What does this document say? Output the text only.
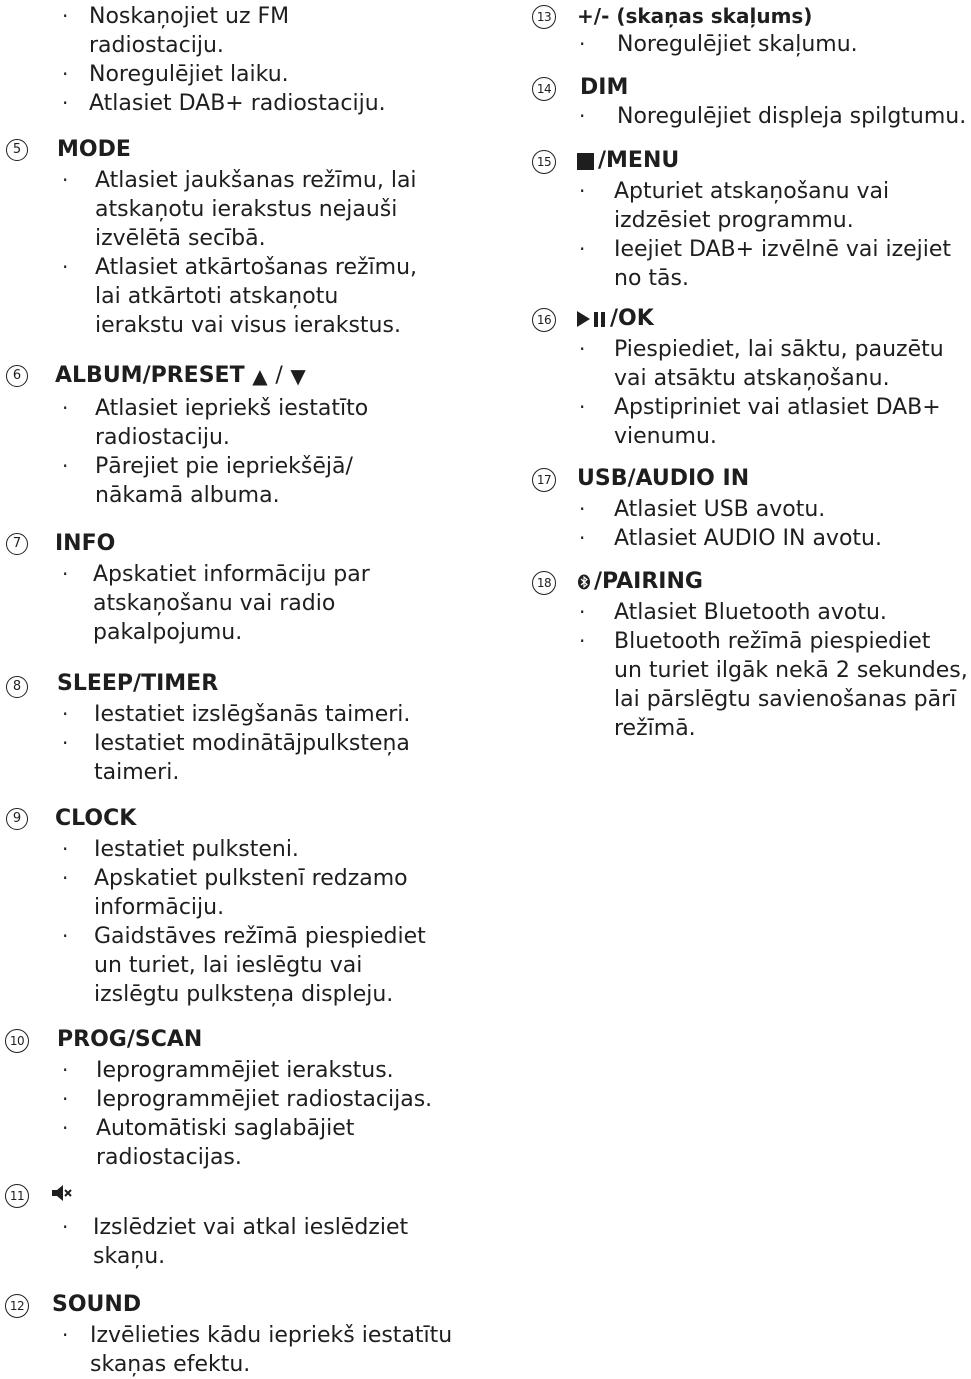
· Noskaņojiet uz FM
radiostaciju.
· Noregulējiet laiku.
· Atlasiet DAB+ radiostaciju.
5	MODE
· Atlasiet jaukšanas režīmu, lai
atskaņotu ierakstus nejauši
izvēlētā secībā.
· Atlasiet atkārtošanas režīmu,
lai atkārtoti atskaņotu
ierakstu vai visus ierakstus.
6	ALBUM/PRESET
▲
/
▼
· Atlasiet iepriekš iestatīto
radiostaciju.
· Pārejiet pie iepriekšējā/
nākamā albuma.
7	INFO
· Apskatiet informāciju par
atskaņošanu vai radio
pakalpojumu.
8	SLEEP/TIMER
·	Iestatiet izslēgšanās taimeri.
· Iestatiet modinātājpulksteņa
taimeri.
9	CLOCK
·	Iestatiet pulksteni.
· Apskatiet pulkstenī redzamo
informāciju.
· Gaidstāves režīmā piespiediet
un turiet, lai ieslēgtu vai
izslēgtu pulksteņa displeju.
10 PROG/SCAN
·	Ieprogrammējiet ierakstus.
·	Ieprogrammējiet radiostacijas.
· Automātiski saglabājiet
radiostacijas.
11
· Izslēdziet vai atkal ieslēdziet
skaņu.
12 SOUND
· Izvēlieties kādu iepriekš iestatītu
skaņas efektu.
13 +/- (skaņas skaļums)
·	Noregulējiet skaļumu.
14 DIM
·	Noregulējiet displeja spilgtumu.
15 /MENU
· Apturiet atskaņošanu vai
izdzēsiet programmu.
· Ieejiet DAB+ izvēlnē vai izejiet
no tās.
16	/OK
· Piespiediet, lai sāktu, pauzētu
vai atsāktu atskaņošanu.
· Apstipriniet vai atlasiet DAB+
vienumu.
17 USB/AUDIO IN
·	Atlasiet USB avotu.
·	Atlasiet AUDIO IN avotu.
18 /PAIRING
·	Atlasiet Bluetooth avotu.
· Bluetooth režīmā piespiediet
un turiet ilgāk nekā 2 sekundes,
lai pārslēgtu savienošanas pārī
režīmā.
